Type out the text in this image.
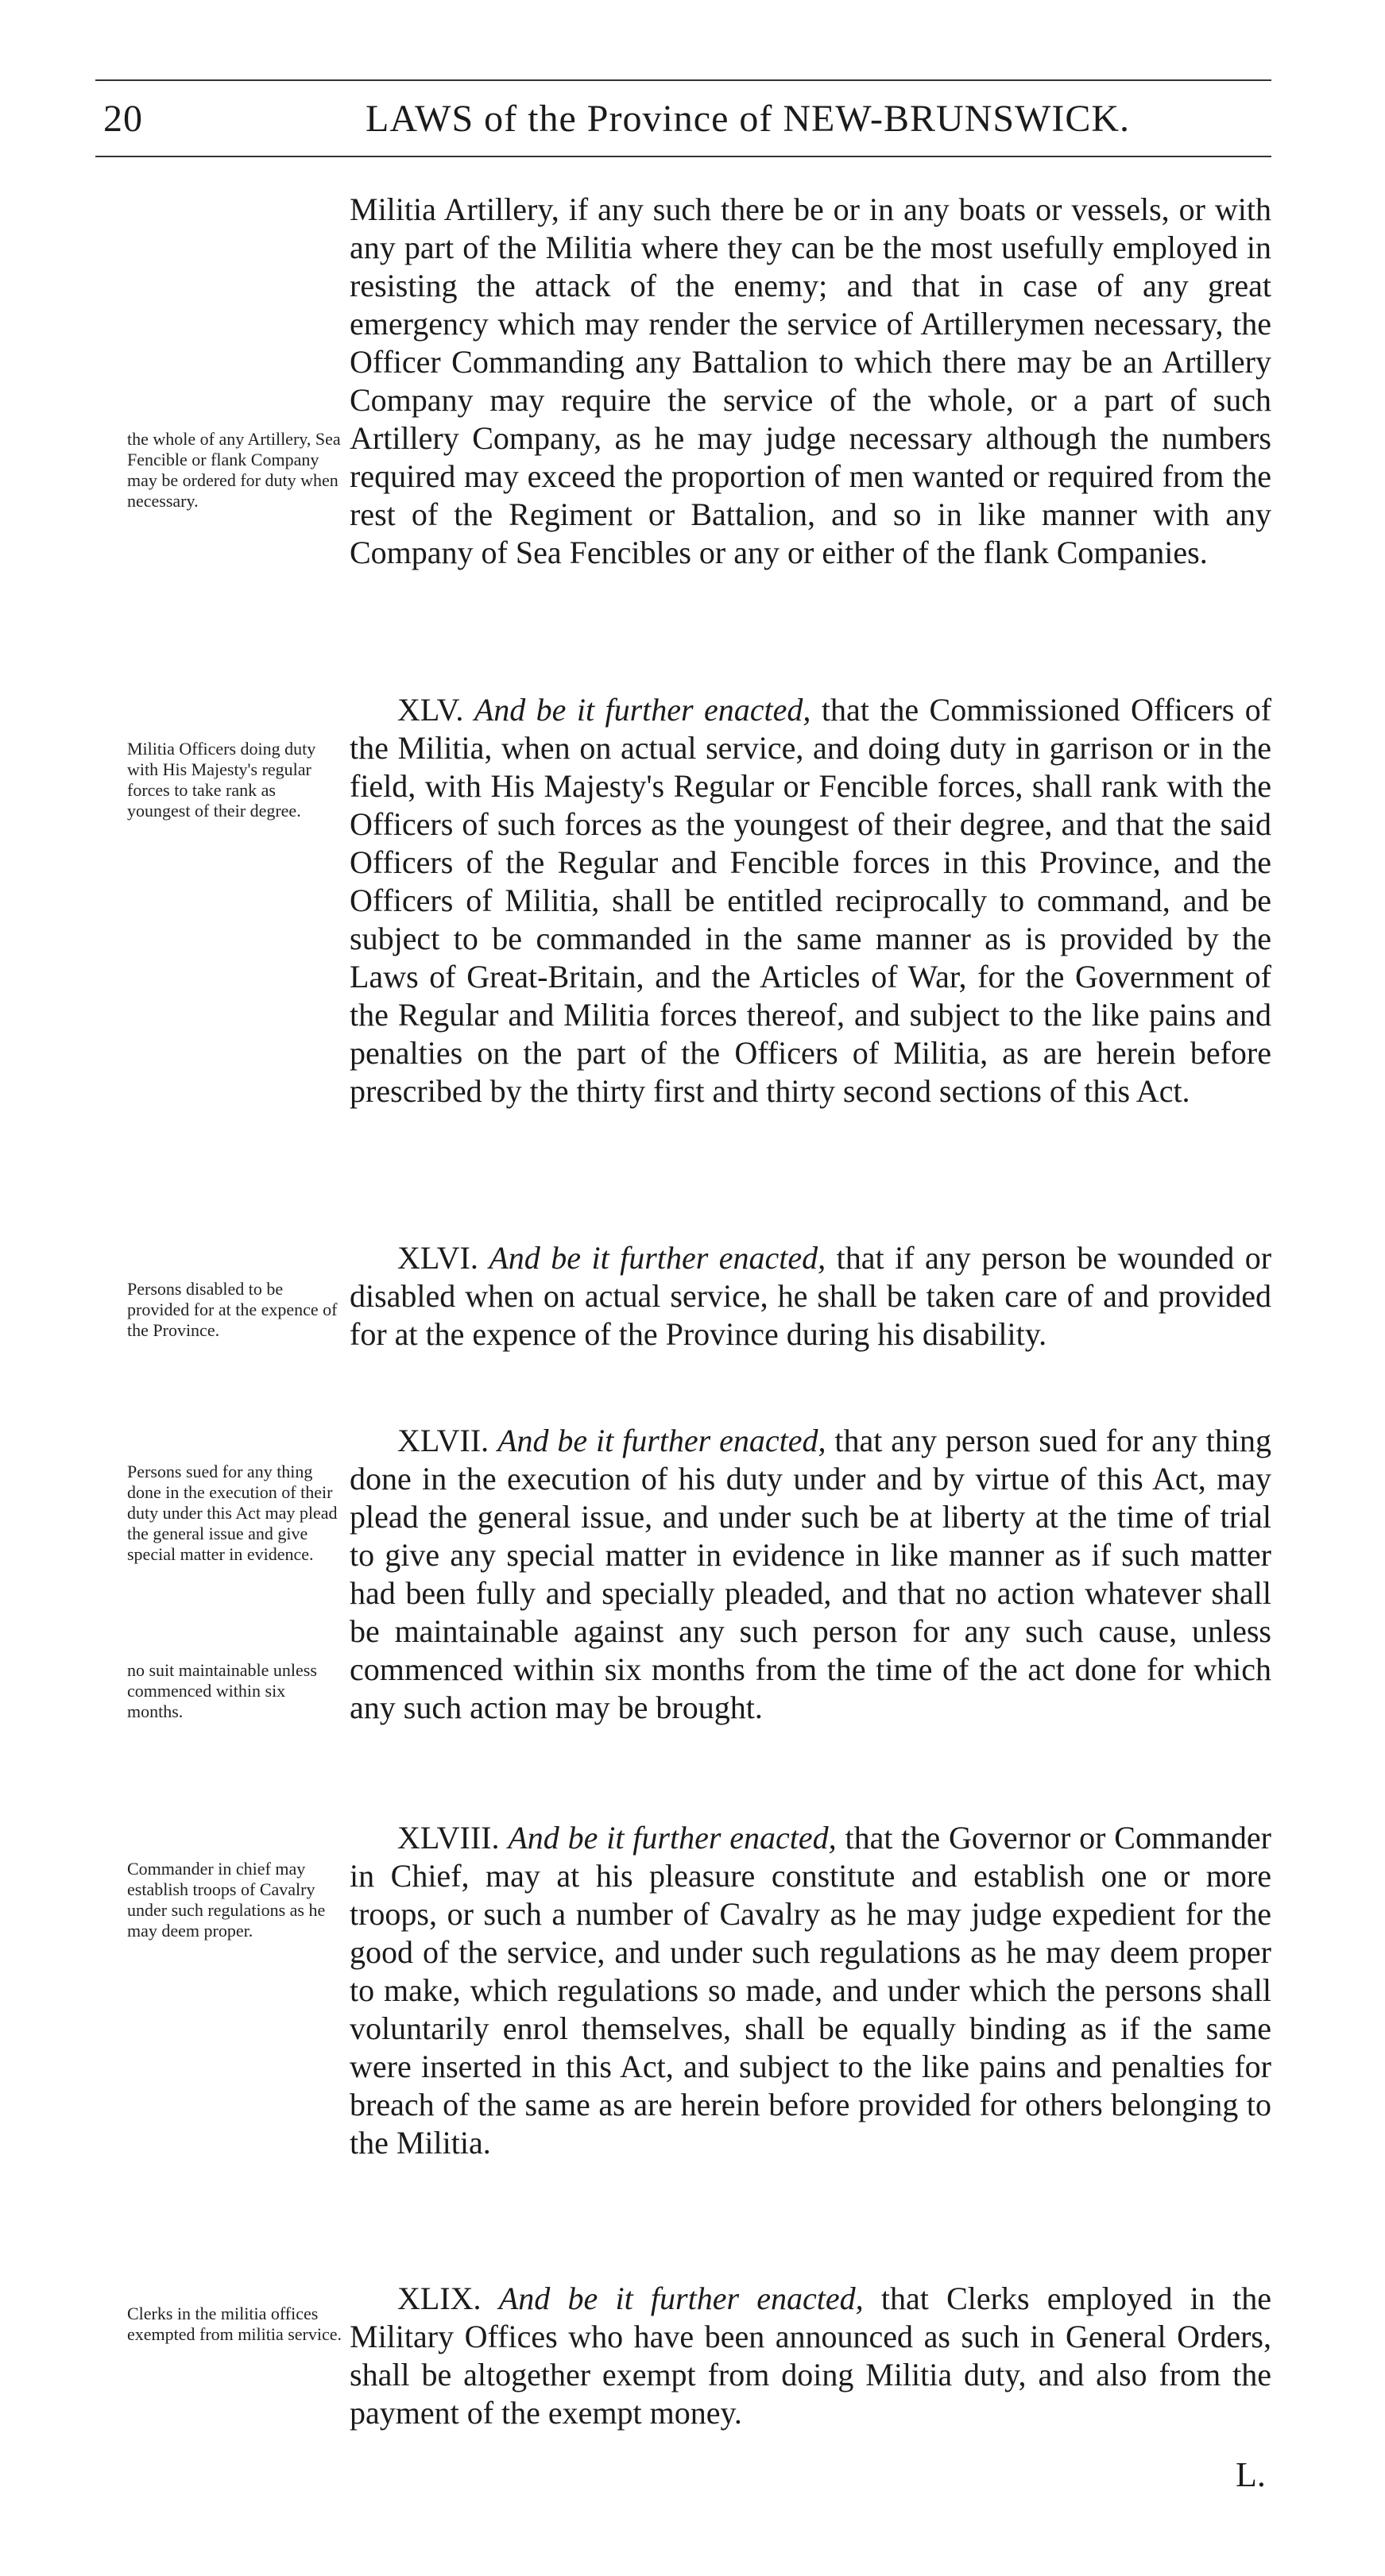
20	LAWS of the Province of NEW-BRUNSWICK.

Militia Artillery, if any such there be or in any boats or vessels, or with any part of the Militia where they can be the most usefully employed in resisting the attack of the enemy; and that in case of any great emergency which may render the service of Artillerymen necessary, the Officer Commanding any Battalion to which there may be an Artillery Company may require the service of the whole, or a part of such Artillery Company, as he may judge necessary although the numbers required may exceed the proportion of men wanted or required from the rest of the Regiment or Battalion, and so in like manner with any Company of Sea Fencibles or any or either of the flank Companies.

the whole of any Artillery, Sea Fencible or flank Company may be ordered for duty when necessary.

XLV. And be it further enacted, that the Commissioned Officers of the Militia, when on actual service, and doing duty in garrison or in the field, with His Majesty's Regular or Fencible forces, shall rank with the Officers of such forces as the youngest of their degree, and that the said Officers of the Regular and Fencible forces in this Province, and the Officers of Militia, shall be entitled reciprocally to command, and be subject to be commanded in the same manner as is provided by the Laws of Great-Britain, and the Articles of War, for the Government of the Regular and Militia forces thereof, and subject to the like pains and penalties on the part of the Officers of Militia, as are herein before prescribed by the thirty first and thirty second sections of this Act.

Militia Officers doing duty with His Majesty's regular forces to take rank as youngest of their degree.

XLVI. And be it further enacted, that if any person be wounded or disabled when on actual service, he shall be taken care of and provided for at the expence of the Province during his disability.

Persons disabled to be provided for at the expence of the Province.

XLVII. And be it further enacted, that any person sued for any thing done in the execution of his duty under and by virtue of this Act, may plead the general issue, and under such be at liberty at the time of trial to give any special matter in evidence in like manner as if such matter had been fully and specially pleaded, and that no action whatever shall be maintainable against any such person for any such cause, unless commenced within six months from the time of the act done for which any such action may be brought.

Persons sued for any thing done in the execution of their duty under this Act may plead the general issue and give special matter in evidence.
no suit maintainable unless commenced within six months.

XLVIII. And be it further enacted, that the Governor or Commander in Chief, may at his pleasure constitute and establish one or more troops, or such a number of Cavalry as he may judge expedient for the good of the service, and under such regulations as he may deem proper to make, which regulations so made, and under which the persons shall voluntarily enrol themselves, shall be equally binding as if the same were inserted in this Act, and subject to the like pains and penalties for breach of the same as are herein before provided for others belonging to the Militia.

Commander in chief may establish troops of Cavalry under such regulations as he may deem proper.

XLIX. And be it further enacted, that Clerks employed in the Military Offices who have been announced as such in General Orders, shall be altogether exempt from doing Militia duty, and also from the payment of the exempt money.

Clerks in the militia offices exempted from militia service.
L.
